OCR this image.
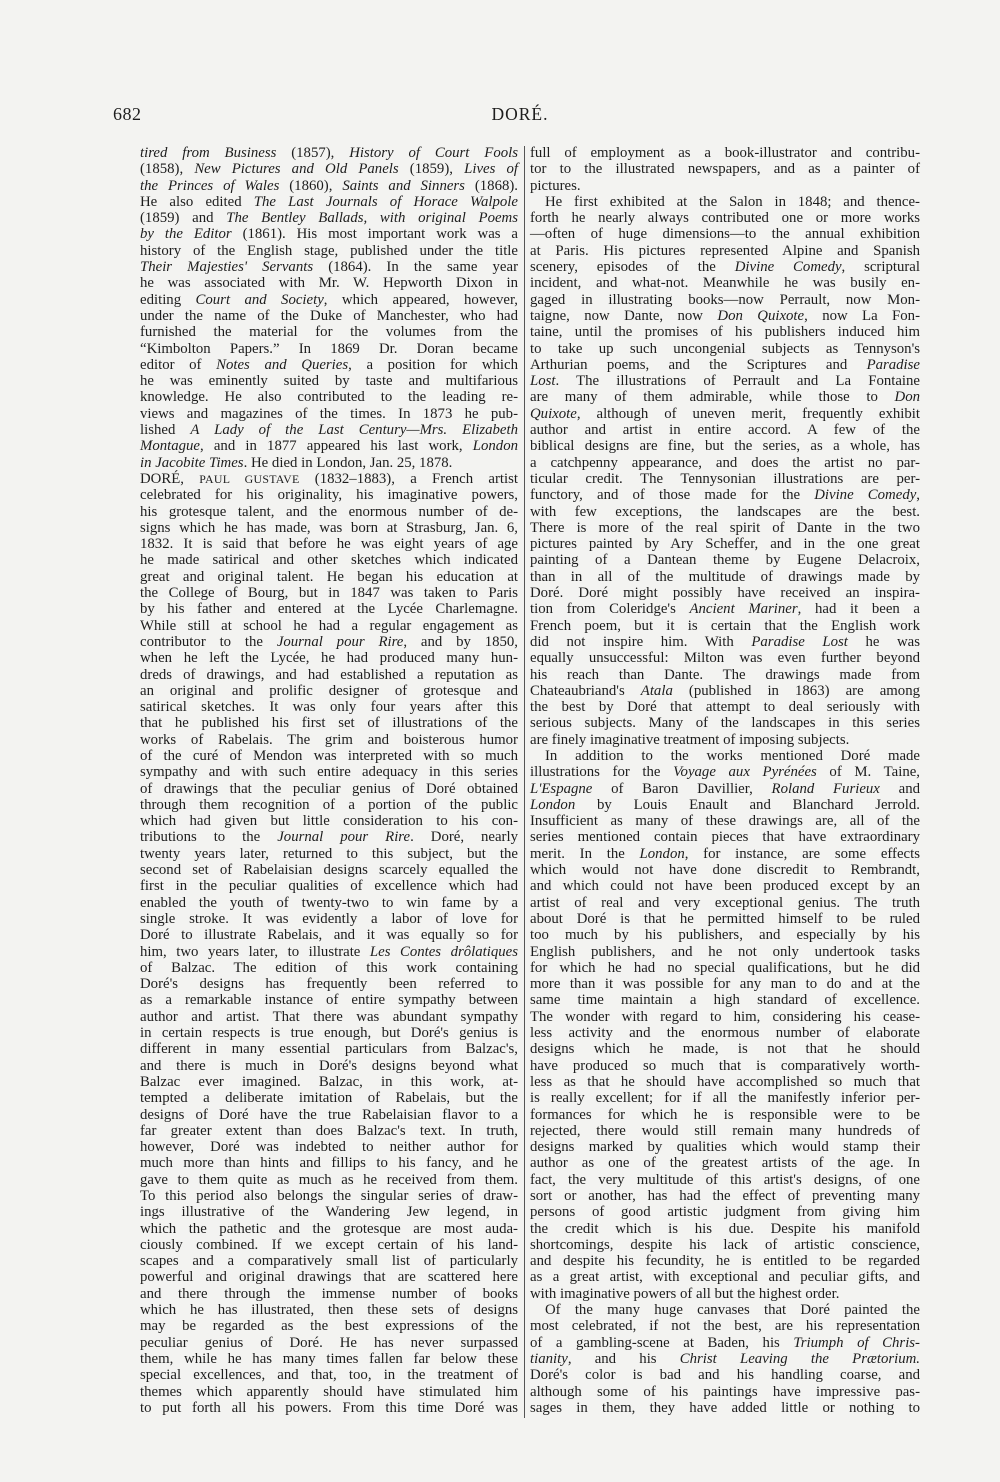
682	DORÉ.
tired from Business (1857), History of Court Fools
(1858), New Pictures and Old Panels (1859), Lives of
the Princes of Wales (1860), Saints and Sinners (1868).
He also edited The Last Journals of Horace Walpole
(1859) and The Bentley Ballads, with original Poems
by the Editor (1861). His most important work was a
history of the English stage, published under the title
Their Majesties' Servants (1864). In the same year
he was associated with Mr. W. Hepworth Dixon in
editing Court and Society, which appeared, however,
under the name of the Duke of Manchester, who had
furnished the material for the volumes from the
“Kimbolton Papers.” In 1869 Dr. Doran became
editor of Notes and Queries, a position for which
he was eminently suited by taste and multifarious
knowledge. He also contributed to the leading re-
views and magazines of the times. In 1873 he pub-
lished A Lady of the Last Century—Mrs. Elizabeth
Montague, and in 1877 appeared his last work, London
in Jacobite Times. He died in London, Jan. 25, 1878.
DORÉ, PAUL GUSTAVE (1832–1883), a French artist
celebrated for his originality, his imaginative powers,
his grotesque talent, and the enormous number of de-
signs which he has made, was born at Strasburg, Jan. 6,
1832. It is said that before he was eight years of age
he made satirical and other sketches which indicated
great and original talent. He began his education at
the College of Bourg, but in 1847 was taken to Paris
by his father and entered at the Lycée Charlemagne.
While still at school he had a regular engagement as
contributor to the Journal pour Rire, and by 1850,
when he left the Lycée, he had produced many hun-
dreds of drawings, and had established a reputation as
an original and prolific designer of grotesque and
satirical sketches. It was only four years after this
that he published his first set of illustrations of the
works of Rabelais. The grim and boisterous humor
of the curé of Mendon was interpreted with so much
sympathy and with such entire adequacy in this series
of drawings that the peculiar genius of Doré obtained
through them recognition of a portion of the public
which had given but little consideration to his con-
tributions to the Journal pour Rire. Doré, nearly
twenty years later, returned to this subject, but the
second set of Rabelaisian designs scarcely equalled the
first in the peculiar qualities of excellence which had
enabled the youth of twenty-two to win fame by a
single stroke. It was evidently a labor of love for
Doré to illustrate Rabelais, and it was equally so for
him, two years later, to illustrate Les Contes drôlatiques
of Balzac. The edition of this work containing
Doré's designs has frequently been referred to
as a remarkable instance of entire sympathy between
author and artist. That there was abundant sympathy
in certain respects is true enough, but Doré's genius is
different in many essential particulars from Balzac's,
and there is much in Doré's designs beyond what
Balzac ever imagined. Balzac, in this work, at-
tempted a deliberate imitation of Rabelais, but the
designs of Doré have the true Rabelaisian flavor to a
far greater extent than does Balzac's text. In truth,
however, Doré was indebted to neither author for
much more than hints and fillips to his fancy, and he
gave to them quite as much as he received from them.
To this period also belongs the singular series of draw-
ings illustrative of the Wandering Jew legend, in
which the pathetic and the grotesque are most auda-
ciously combined. If we except certain of his land-
scapes and a comparatively small list of particularly
powerful and original drawings that are scattered here
and there through the immense number of books
which he has illustrated, then these sets of designs
may be regarded as the best expressions of the
peculiar genius of Doré. He has never surpassed
them, while he has many times fallen far below these
special excellences, and that, too, in the treatment of
themes which apparently should have stimulated him
to put forth all his powers. From this time Doré was
full of employment as a book-illustrator and contribu-
tor to the illustrated newspapers, and as a painter of
pictures.
He first exhibited at the Salon in 1848; and thence-
forth he nearly always contributed one or more works
—often of huge dimensions—to the annual exhibition
at Paris. His pictures represented Alpine and Spanish
scenery, episodes of the Divine Comedy, scriptural
incident, and what-not. Meanwhile he was busily en-
gaged in illustrating books—now Perrault, now Mon-
taigne, now Dante, now Don Quixote, now La Fon-
taine, until the promises of his publishers induced him
to take up such uncongenial subjects as Tennyson's
Arthurian poems, and the Scriptures and Paradise
Lost. The illustrations of Perrault and La Fontaine
are many of them admirable, while those to Don
Quixote, although of uneven merit, frequently exhibit
author and artist in entire accord. A few of the
biblical designs are fine, but the series, as a whole, has
a catchpenny appearance, and does the artist no par-
ticular credit. The Tennysonian illustrations are per-
functory, and of those made for the Divine Comedy,
with few exceptions, the landscapes are the best.
There is more of the real spirit of Dante in the two
pictures painted by Ary Scheffer, and in the one great
painting of a Dantean theme by Eugene Delacroix,
than in all of the multitude of drawings made by
Doré. Doré might possibly have received an inspira-
tion from Coleridge's Ancient Mariner, had it been a
French poem, but it is certain that the English work
did not inspire him. With Paradise Lost he was
equally unsuccessful: Milton was even further beyond
his reach than Dante. The drawings made from
Chateaubriand's Atala (published in 1863) are among
the best by Doré that attempt to deal seriously with
serious subjects. Many of the landscapes in this series
are finely imaginative treatment of imposing subjects.
In addition to the works mentioned Doré made
illustrations for the Voyage aux Pyrénées of M. Taine,
L'Espagne of Baron Davillier, Roland Furieux and
London by Louis Enault and Blanchard Jerrold.
Insufficient as many of these drawings are, all of the
series mentioned contain pieces that have extraordinary
merit. In the London, for instance, are some effects
which would not have done discredit to Rembrandt,
and which could not have been produced except by an
artist of real and very exceptional genius. The truth
about Doré is that he permitted himself to be ruled
too much by his publishers, and especially by his
English publishers, and he not only undertook tasks
for which he had no special qualifications, but he did
more than it was possible for any man to do and at the
same time maintain a high standard of excellence.
The wonder with regard to him, considering his cease-
less activity and the enormous number of elaborate
designs which he made, is not that he should
have produced so much that is comparatively worth-
less as that he should have accomplished so much that
is really excellent; for if all the manifestly inferior per-
formances for which he is responsible were to be
rejected, there would still remain many hundreds of
designs marked by qualities which would stamp their
author as one of the greatest artists of the age. In
fact, the very multitude of this artist's designs, of one
sort or another, has had the effect of preventing many
persons of good artistic judgment from giving him
the credit which is his due. Despite his manifold
shortcomings, despite his lack of artistic conscience,
and despite his fecundity, he is entitled to be regarded
as a great artist, with exceptional and peculiar gifts, and
with imaginative powers of all but the highest order.
Of the many huge canvases that Doré painted the
most celebrated, if not the best, are his representation
of a gambling-scene at Baden, his Triumph of Chris-
tianity, and his Christ Leaving the Prætorium.
Doré's color is bad and his handling coarse, and
although some of his paintings have impressive pas-
sages in them, they have added little or nothing to
